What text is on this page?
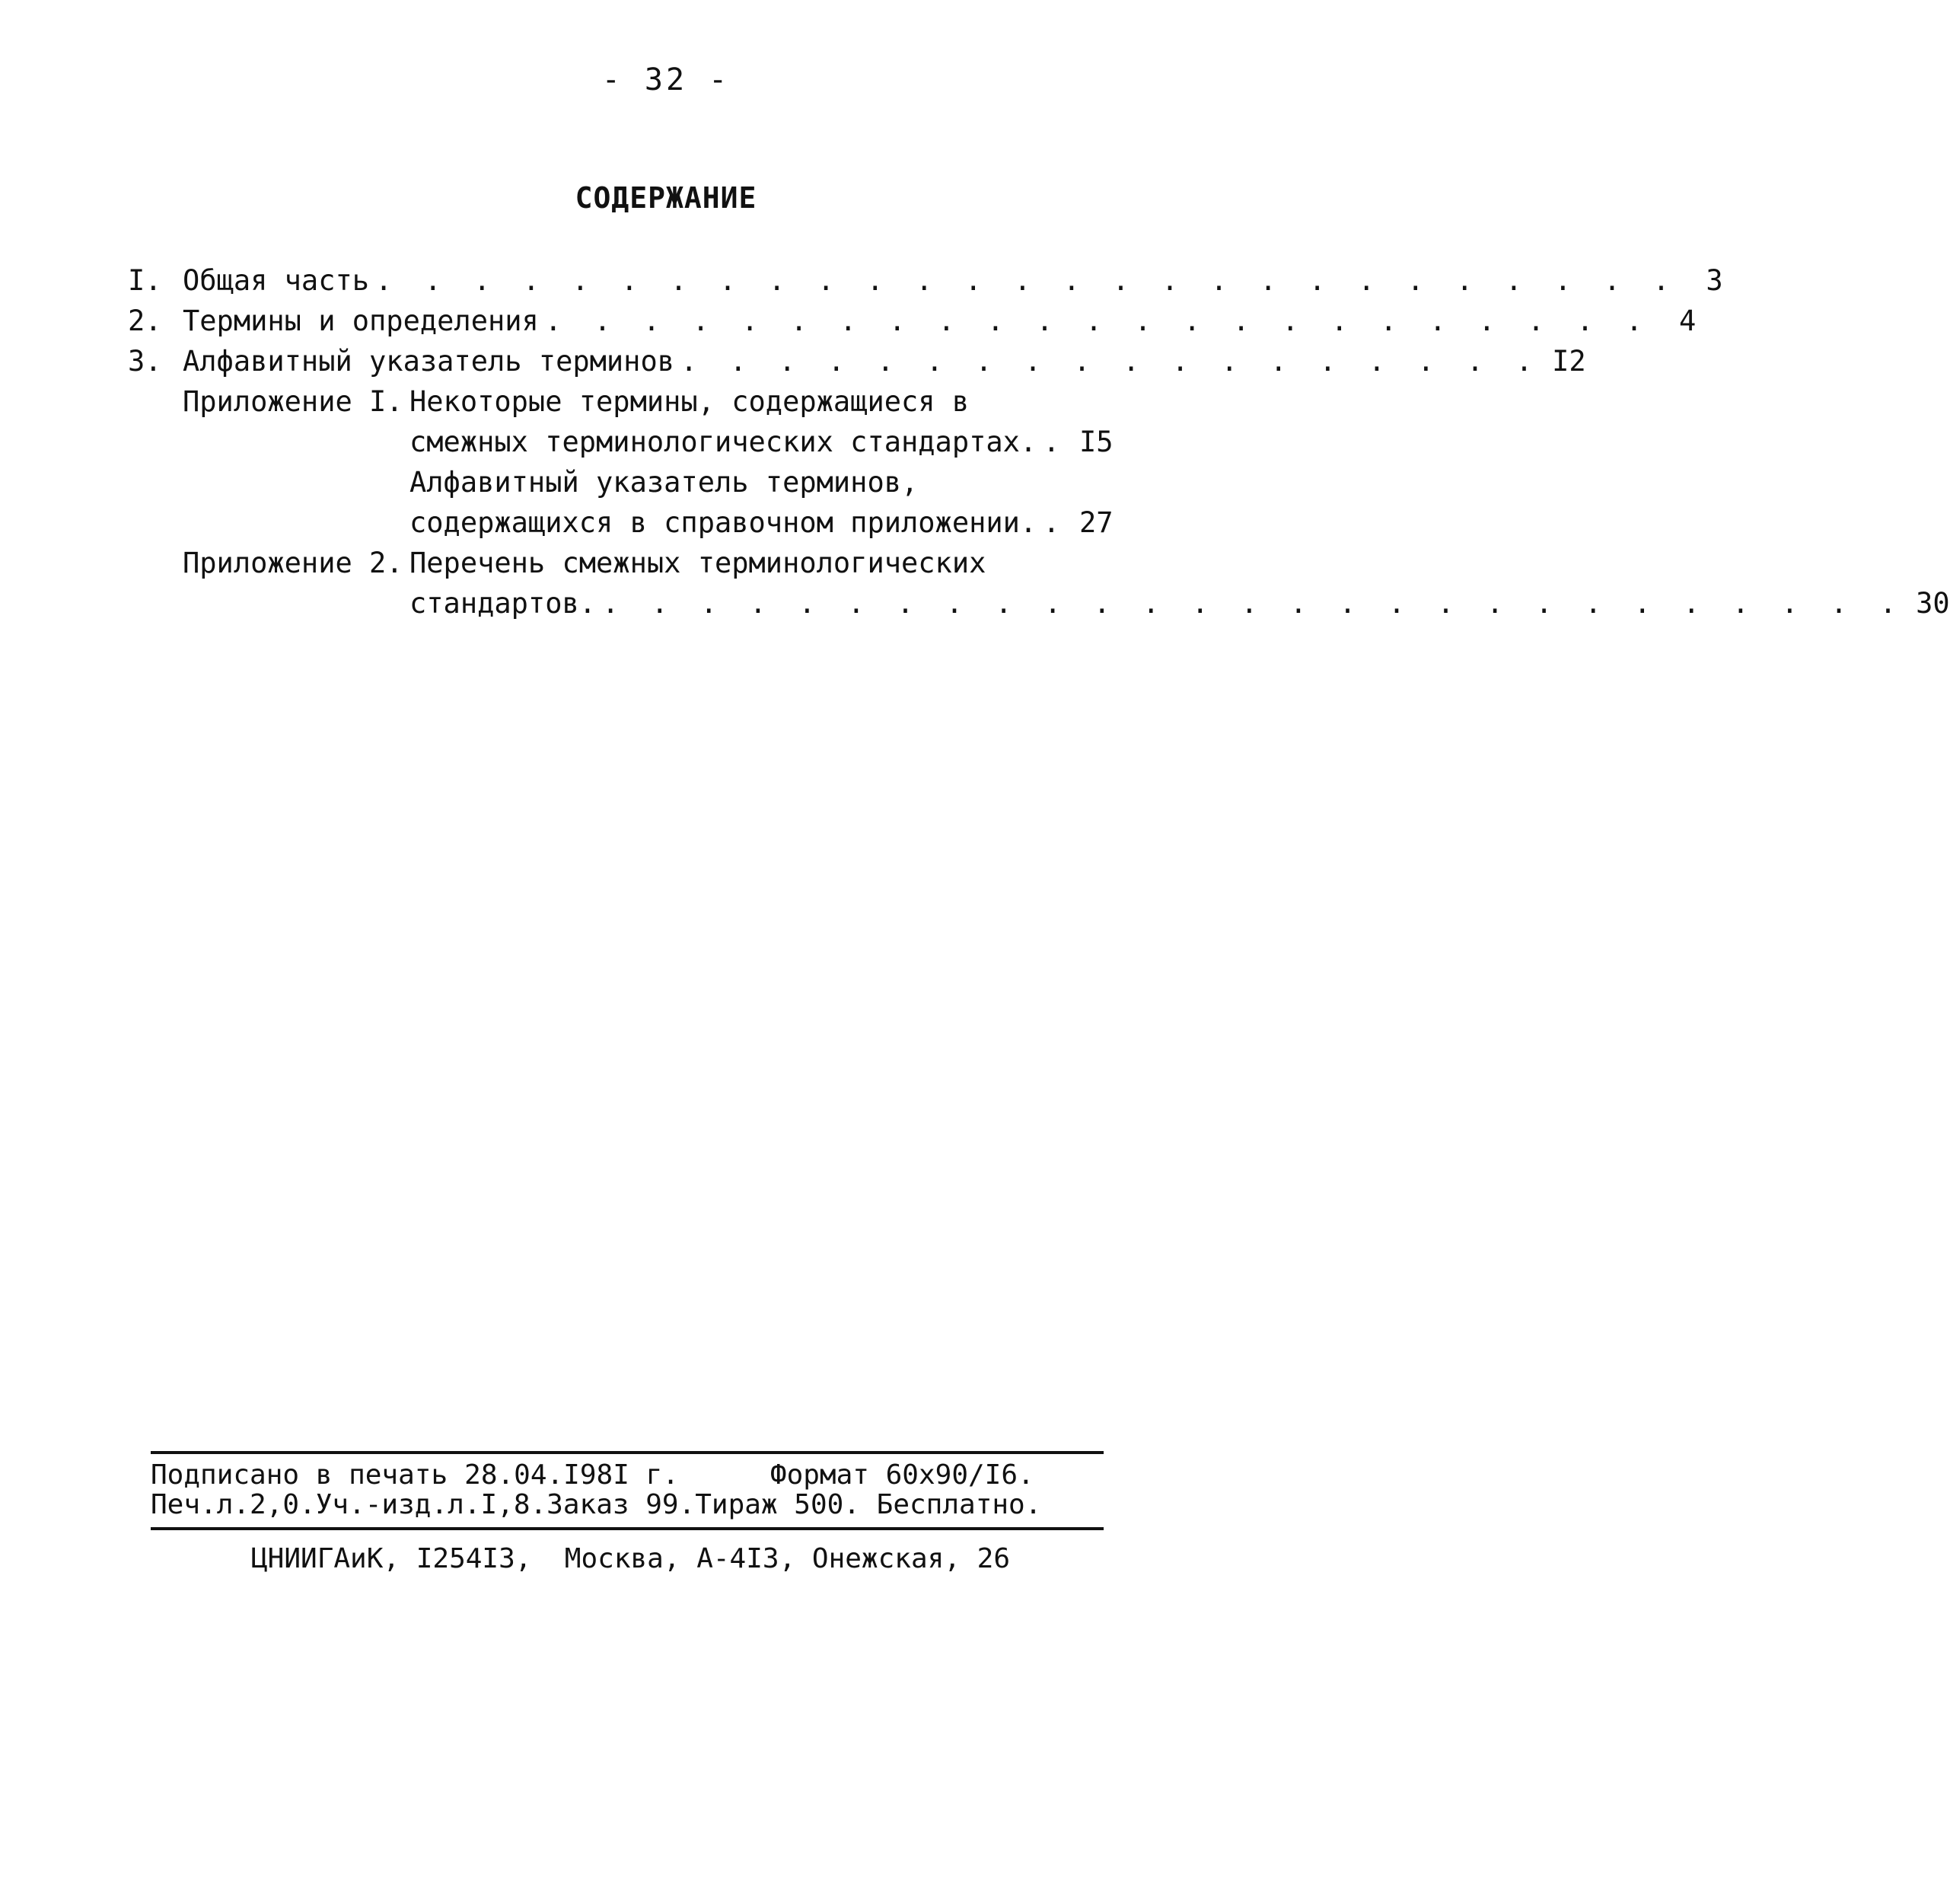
- 32 -
СОДЕРЖАНИЕ
I. Общая часть . . . . . . . . . . . . . . . . . . . . . . . . . . .	3
2. Термины и определения . . . . . . . . . . . . . . . . . . . . . . .	4
3. Алфавитный указатель терминов . . . . . . . . . . . . . . . . . . I2
Приложение I. Некоторые термины, содержащиеся в
смежных терминологических стандартах. . I5
Алфавитный указатель терминов,
содержащихся в справочном приложении. . 27
Приложение 2. Перечень смежных терминологических
стандартов. . . . . . . . . . . . . . . . . . . . . . . . . . . . 30
Подписано в печать 28.04.I98I г.	Формат 60x90/I6.
Печ.л.2,0.Уч.-изд.л.I,8.Заказ 99.Тираж 500. Бесплатно.
ЦНИИГАиК, I254I3,  Москва, А-4I3, Онежская, 26
